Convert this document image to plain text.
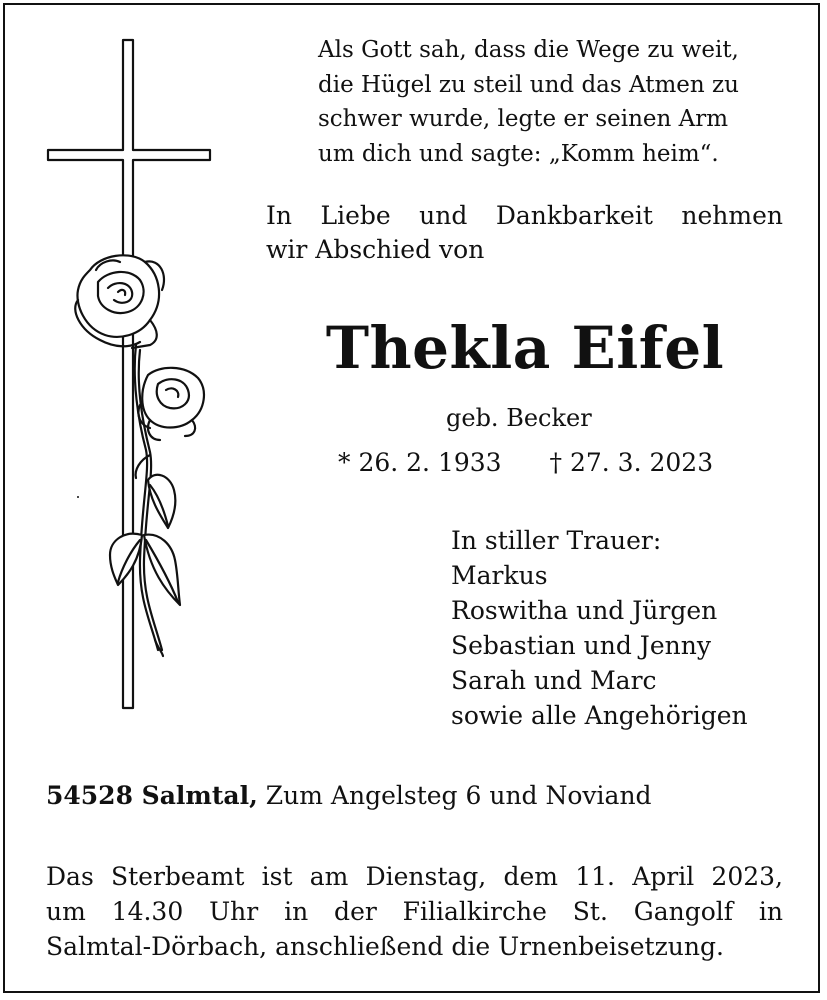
Als Gott sah, dass die Wege zu weit,
die Hügel zu steil und das Atmen zu
schwer wurde, legte er seinen Arm
um dich und sagte: „Komm heim“.
In Liebe und Dankbarkeit nehmen
wir Abschied von
Thekla Eifel
geb. Becker
* 26. 2. 1933 † 27. 3. 2023
In stiller Trauer:
Markus
Roswitha und Jürgen
Sebastian und Jenny
Sarah und Marc
sowie alle Angehörigen
54528 Salmtal, Zum Angelsteg 6 und Noviand
Das Sterbeamt ist am Dienstag, dem 11. April 2023,
um 14.30 Uhr in der Filialkirche St. Gangolf in
Salmtal-Dörbach, anschließend die Urnenbeisetzung.
